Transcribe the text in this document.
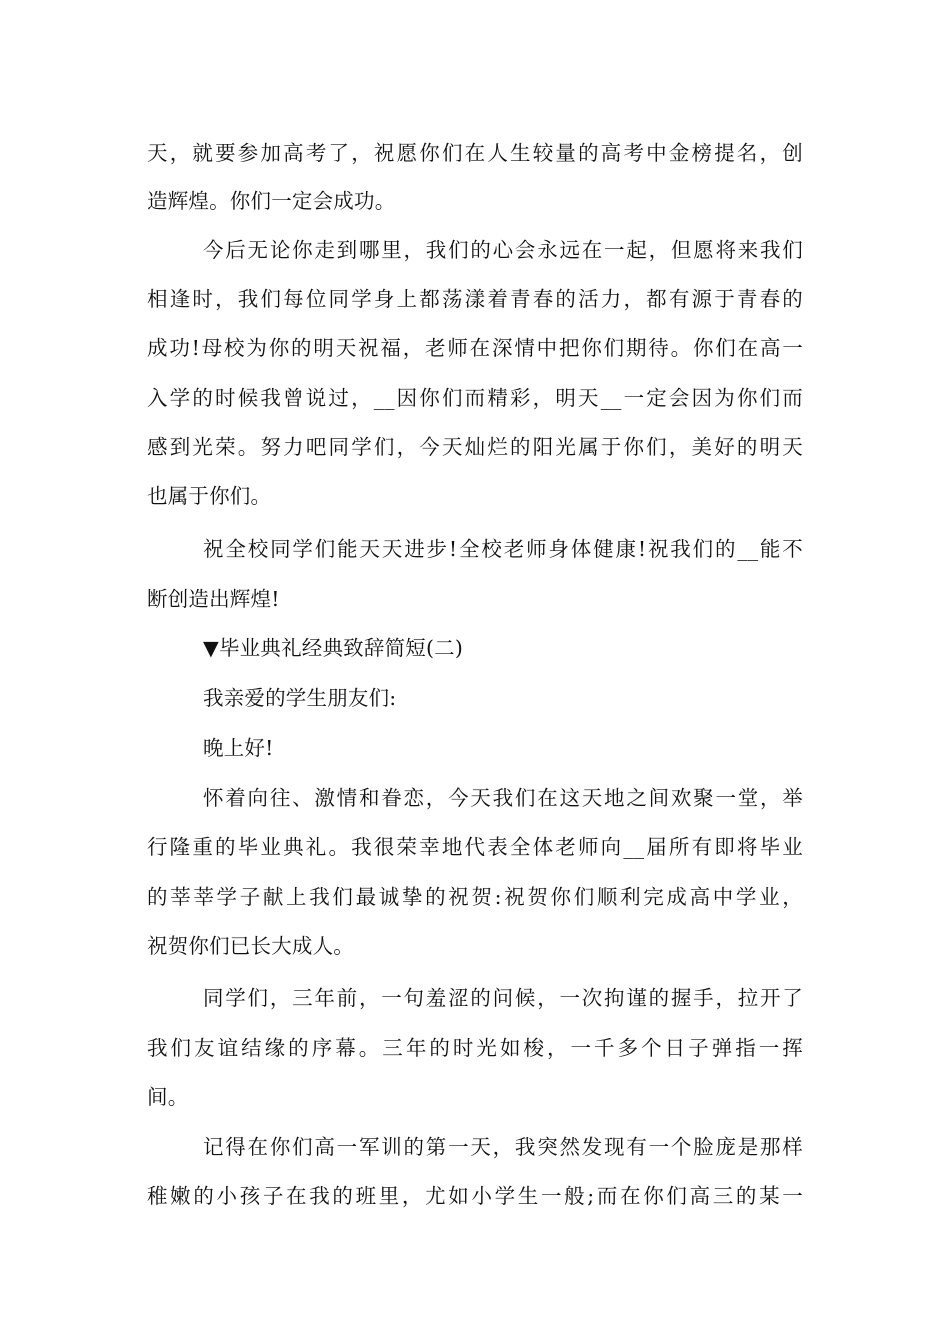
天，就要参加高考了，祝愿你们在人生较量的高考中金榜提名，创
造辉煌。你们一定会成功。
今后无论你走到哪里，我们的心会永远在一起，但愿将来我们
相逢时，我们每位同学身上都荡漾着青春的活力，都有源于青春的
成功!母校为你的明天祝福，老师在深情中把你们期待。你们在高一
入学的时候我曾说过，__因你们而精彩，明天__一定会因为你们而
感到光荣。努力吧同学们，今天灿烂的阳光属于你们，美好的明天
也属于你们。
祝全校同学们能天天进步!全校老师身体健康!祝我们的__能不
断创造出辉煌!
▼毕业典礼经典致辞简短(二)
我亲爱的学生朋友们:
晚上好!
怀着向往、激情和眷恋，今天我们在这天地之间欢聚一堂，举
行隆重的毕业典礼。我很荣幸地代表全体老师向__届所有即将毕业
的莘莘学子献上我们最诚挚的祝贺:祝贺你们顺利完成高中学业，
祝贺你们已长大成人。
同学们，三年前，一句羞涩的问候，一次拘谨的握手，拉开了
我们友谊结缘的序幕。三年的时光如梭，一千多个日子弹指一挥
间。
记得在你们高一军训的第一天，我突然发现有一个脸庞是那样
稚嫩的小孩子在我的班里，尤如小学生一般;而在你们高三的某一
